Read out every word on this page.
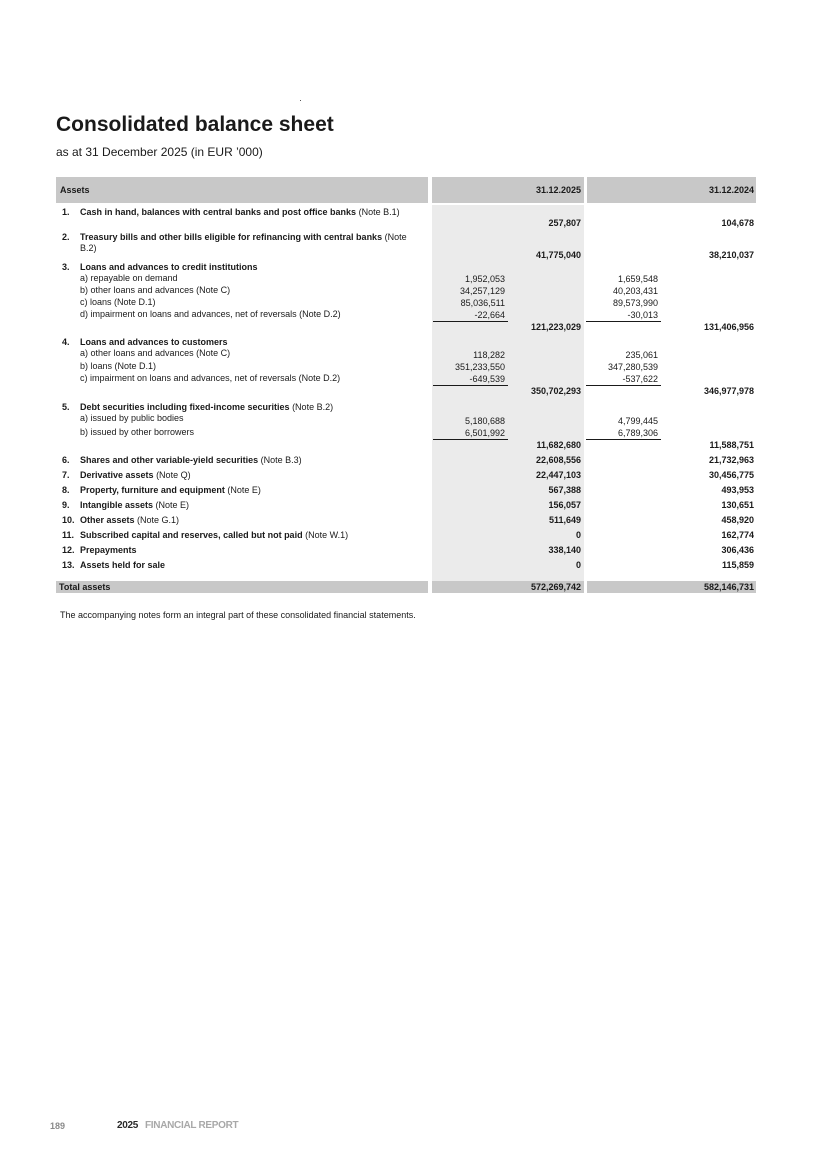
Consolidated balance sheet
as at 31 December 2025 (in EUR ’000)
Assets	31.12.2025	31.12.2024
1. Cash in hand, balances with central banks and post office banks (Note B.1)
257,807	104,678
2. Treasury bills and other bills eligible for refinancing with central banks (Note B.2)
41,775,040	38,210,037
3. Loans and advances to credit institutions
a) repayable on demand	1,952,053	1,659,548
b) other loans and advances (Note C)	34,257,129	40,203,431
c) loans (Note D.1)	85,036,511	89,573,990
d) impairment on loans and advances, net of reversals (Note D.2)	-22,664	-30,013
121,223,029	131,406,956
4. Loans and advances to customers
a) other loans and advances (Note C)	118,282	235,061
b) loans (Note D.1)	351,233,550	347,280,539
c) impairment on loans and advances, net of reversals (Note D.2)	-649,539	-537,622
350,702,293	346,977,978
5. Debt securities including fixed-income securities (Note B.2)
a) issued by public bodies	5,180,688	4,799,445
b) issued by other borrowers	6,501,992	6,789,306
11,682,680	11,588,751
6. Shares and other variable-yield securities (Note B.3)	22,608,556	21,732,963
7. Derivative assets (Note Q)	22,447,103	30,456,775
8. Property, furniture and equipment (Note E)	567,388	493,953
9. Intangible assets (Note E)	156,057	130,651
10. Other assets (Note G.1)	511,649	458,920
11. Subscribed capital and reserves, called but not paid (Note W.1)	0	162,774
12. Prepayments	338,140	306,436
13. Assets held for sale	0	115,859
Total assets	572,269,742	582,146,731
The accompanying notes form an integral part of these consolidated financial statements.
189	2025 FINANCIAL REPORT
